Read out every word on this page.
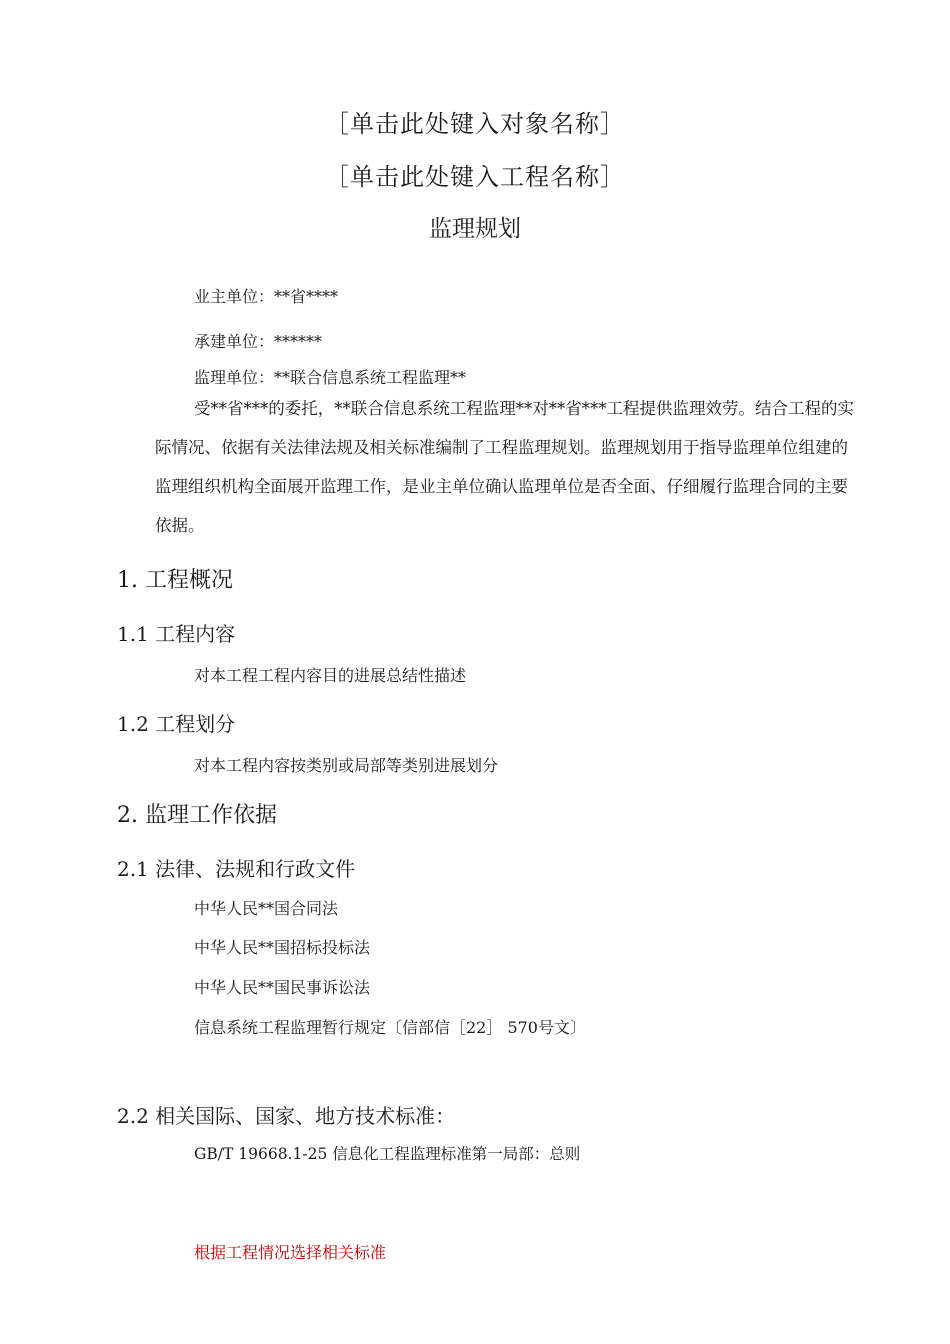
［单击此处键入对象名称］
［单击此处键入工程名称］
监理规划
业主单位：**省****
承建单位：******
监理单位：**联合信息系统工程监理**
受**省***的委托，**联合信息系统工程监理**对**省***工程提供监理效劳。结合工程的实际情况、依据有关法律法规及相关标准编制了工程监理规划。监理规划用于指导监理单位组建的监理组织机构全面展开监理工作，是业主单位确认监理单位是否全面、仔细履行监理合同的主要依据。
1. 工程概况
1.1 工程内容
对本工程工程内容目的进展总结性描述
1.2 工程划分
对本工程内容按类别或局部等类别进展划分
2. 监理工作依据
2.1 法律、法规和行政文件
中华人民**国合同法
中华人民**国招标投标法
中华人民**国民事诉讼法
信息系统工程监理暂行规定〔信部信［22］ 570号文〕
2.2 相关国际、国家、地方技术标准：
GB/T 19668.1-25 信息化工程监理标准第一局部：总则
根据工程情况选择相关标准
